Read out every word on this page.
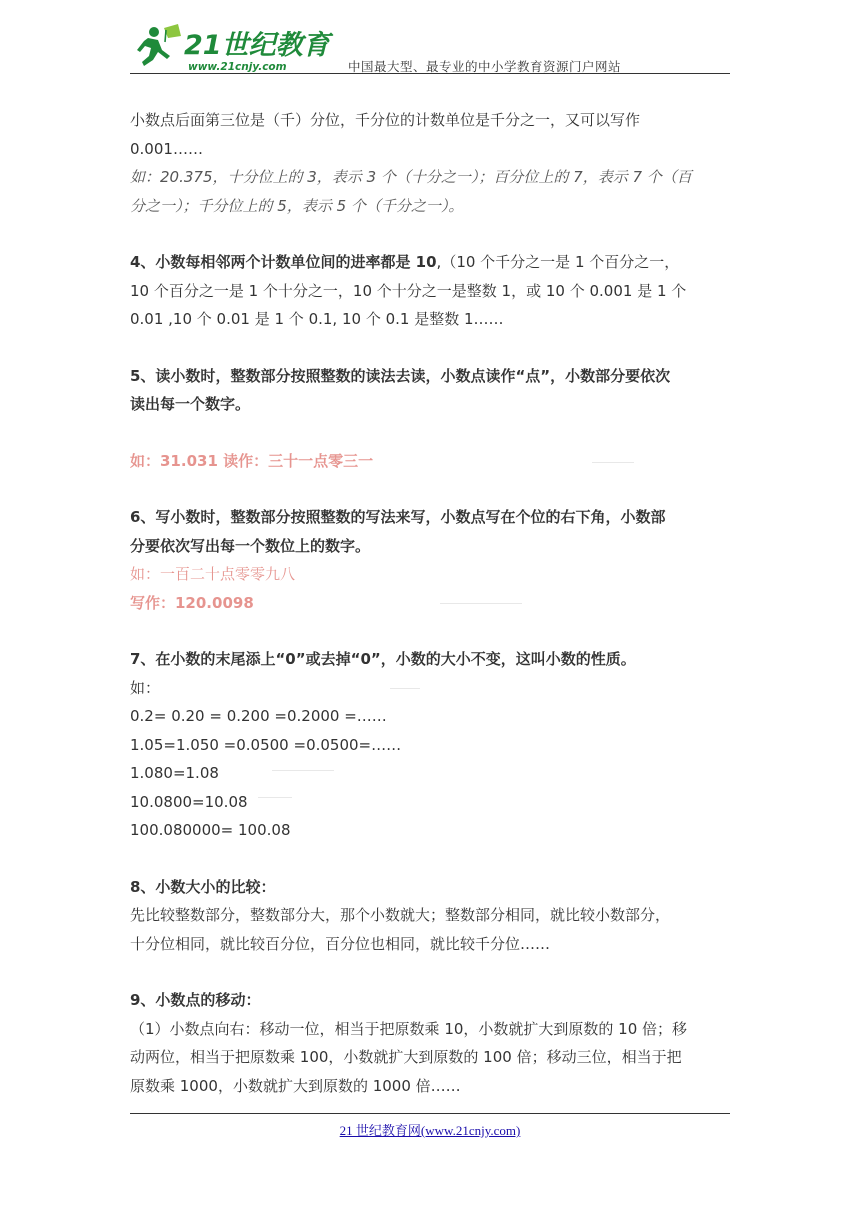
21世纪教育
www.21cnjy.com	中国最大型、最专业的中小学教育资源门户网站
小数点后面第三位是（千）分位，千分位的计数单位是千分之一，又可以写作
0.001……
如：20.375，十分位上的 3，表示 3 个（十分之一）；百分位上的 7，表示 7 个（百
分之一）；千分位上的 5，表示 5 个（千分之一）。
4、小数每相邻两个计数单位间的进率都是 10,（10 个千分之一是 1 个百分之一，
10 个百分之一是 1 个十分之一，10 个十分之一是整数 1，或 10 个 0.001 是 1 个
0.01 ,10 个 0.01 是 1 个 0.1, 10 个 0.1 是整数 1……
5、读小数时，整数部分按照整数的读法去读，小数点读作“点”，小数部分要依次
读出每一个数字。
如：31.031 读作：三十一点零三一
6、写小数时，整数部分按照整数的写法来写，小数点写在个位的右下角，小数部
分要依次写出每一个数位上的数字。
如：一百二十点零零九八
写作：120.0098
7、在小数的末尾添上“0”或去掉“0”，小数的大小不变，这叫小数的性质。
如：
0.2= 0.20 = 0.200 =0.2000 =……
1.05=1.050 =0.0500 =0.0500=……
1.080=1.08
10.0800=10.08
100.080000= 100.08
8、小数大小的比较：
先比较整数部分，整数部分大，那个小数就大；整数部分相同，就比较小数部分，
十分位相同，就比较百分位，百分位也相同，就比较千分位……
9、小数点的移动：
（1）小数点向右：移动一位，相当于把原数乘 10，小数就扩大到原数的 10 倍；移
动两位，相当于把原数乘 100，小数就扩大到原数的 100 倍；移动三位，相当于把
原数乘 1000，小数就扩大到原数的 1000 倍……
21 世纪教育网(www.21cnjy.com)
